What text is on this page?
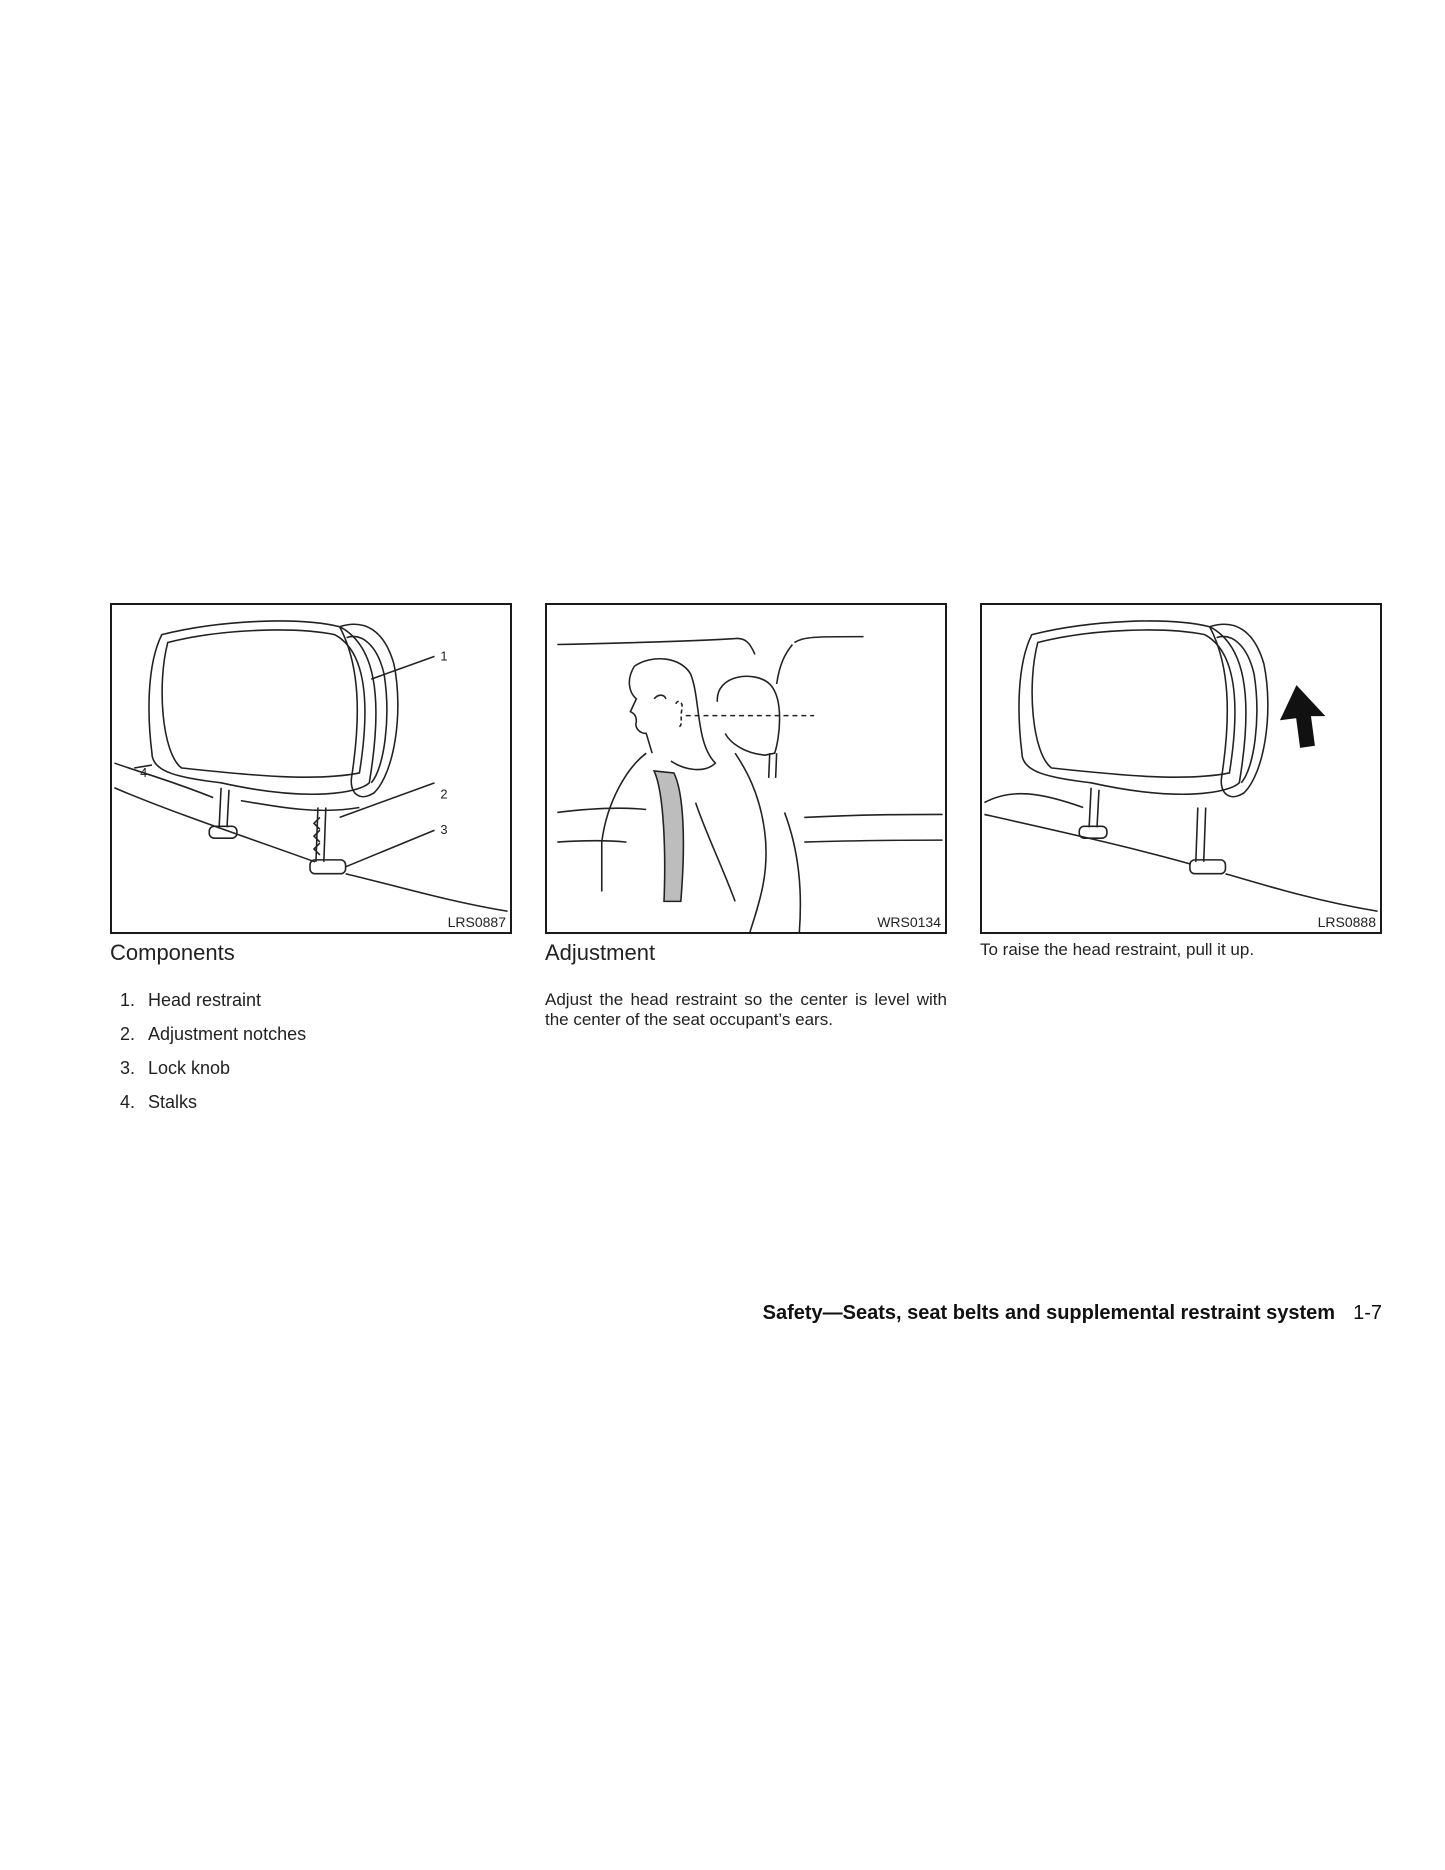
1
2
3
4
LRS0887	WRS0134	LRS0888
Components
1. Head restraint
2. Adjustment notches
3. Lock knob
4. Stalks
Adjustment

Adjust the head restraint so the center is level with the center of the seat occupant’s ears.

To raise the head restraint, pull it up.

Safety—Seats, seat belts and supplemental restraint system 1-7
